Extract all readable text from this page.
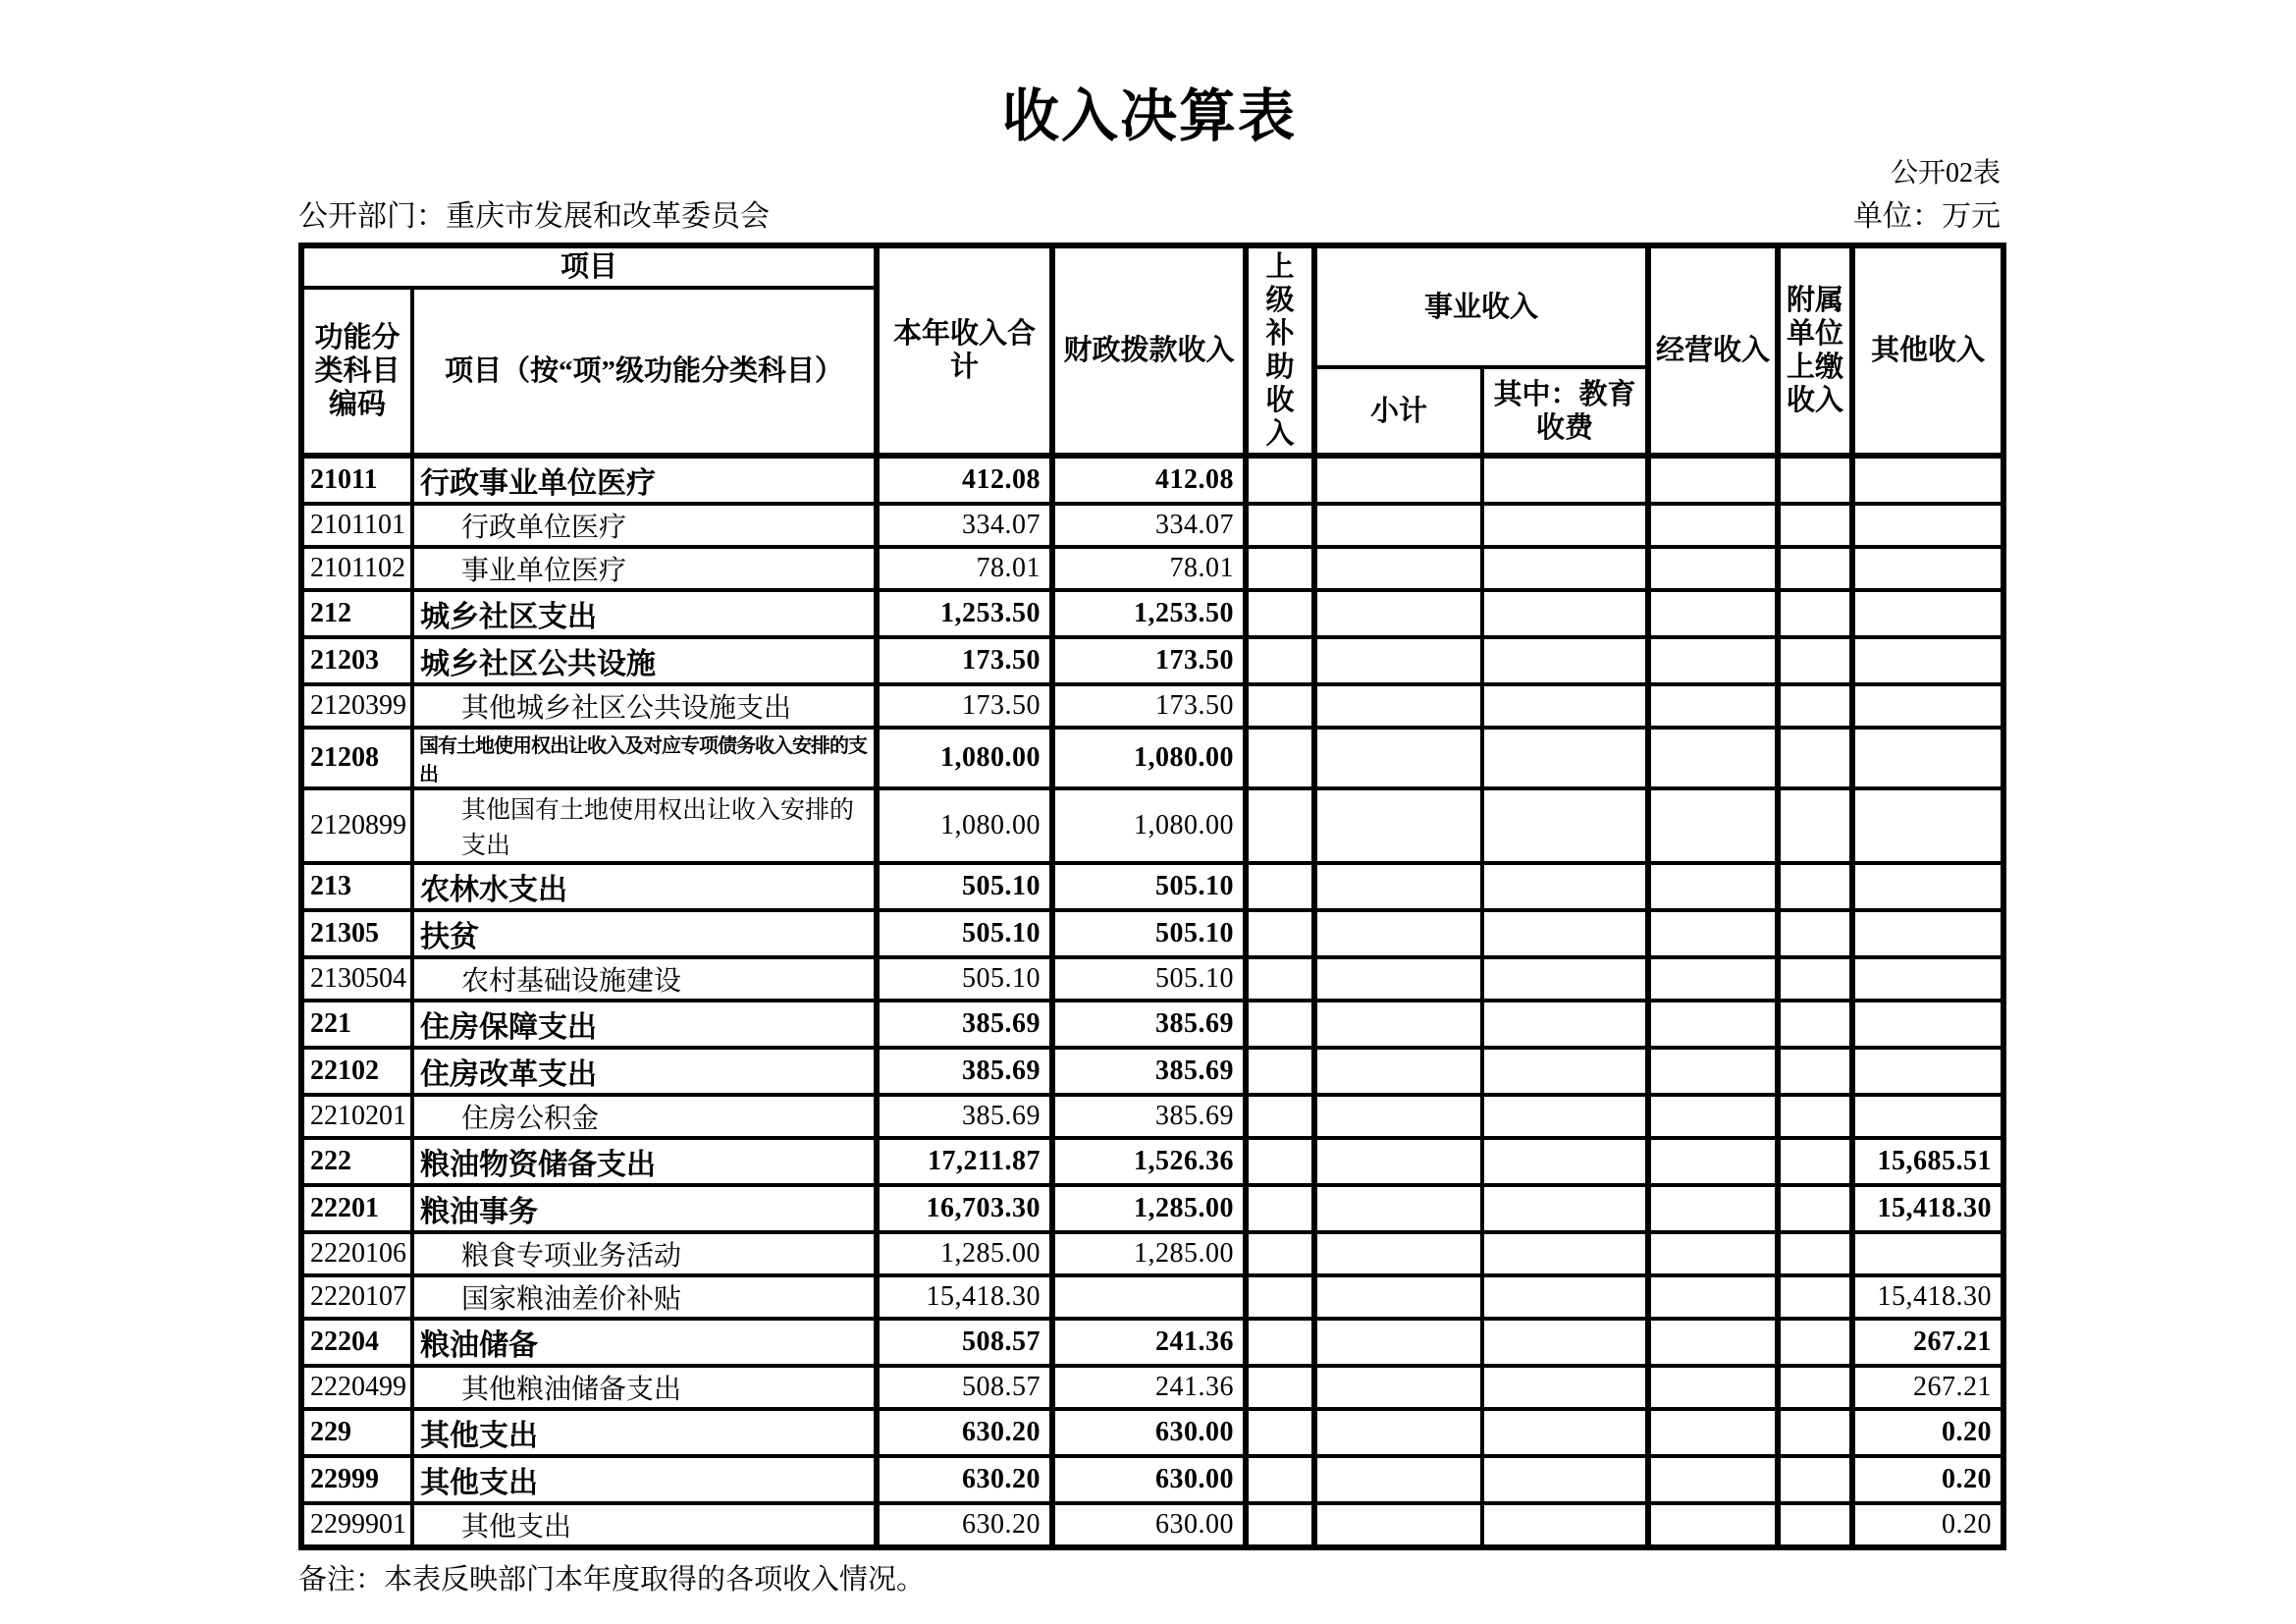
收入决算表
公开02表
公开部门：重庆市发展和改革委员会	单位：万元
项目		本年收入合计	财政拨款收入	上级补助收入	事业收入		经营收入	附属单位上缴收入	其他收入
功能分类科目编码	项目（按“项”级功能分类科目）								
					小计	其中：教育收费			
21011	行政事业单位医疗	412.08	412.08						
2101101	行政单位医疗	334.07	334.07						
2101102	事业单位医疗	78.01	78.01						
212	城乡社区支出	1,253.50	1,253.50						
21203	城乡社区公共设施	173.50	173.50						
2120399	其他城乡社区公共设施支出	173.50	173.50						
21208	国有土地使用权出让收入及对应专项债务收入安排的支出	1,080.00	1,080.00						
2120899	其他国有土地使用权出让收入安排的支出	1,080.00	1,080.00						
213	农林水支出	505.10	505.10						
21305	扶贫	505.10	505.10						
2130504	农村基础设施建设	505.10	505.10						
221	住房保障支出	385.69	385.69						
22102	住房改革支出	385.69	385.69						
2210201	住房公积金	385.69	385.69						
222	粮油物资储备支出	17,211.87	1,526.36						15,685.51
22201	粮油事务	16,703.30	1,285.00						15,418.30
2220106	粮食专项业务活动	1,285.00	1,285.00						
2220107	国家粮油差价补贴	15,418.30							15,418.30
22204	粮油储备	508.57	241.36						267.21
2220499	其他粮油储备支出	508.57	241.36						267.21
229	其他支出	630.20	630.00						0.20
22999	其他支出	630.20	630.00						0.20
2299901	其他支出	630.20	630.00						0.20
备注：本表反映部门本年度取得的各项收入情况。
